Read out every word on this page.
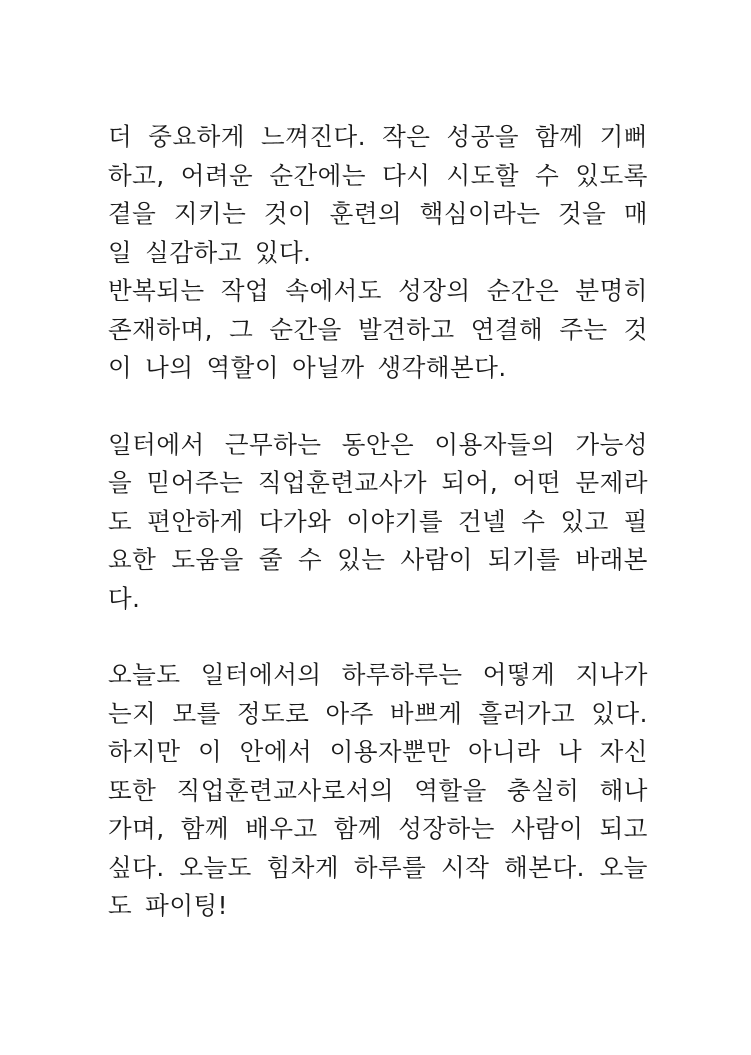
더 중요하게 느껴진다. 작은 성공을 함께 기뻐
하고, 어려운 순간에는 다시 시도할 수 있도록
곁을 지키는 것이 훈련의 핵심이라는 것을 매
일 실감하고 있다.
반복되는 작업 속에서도 성장의 순간은 분명히
존재하며, 그 순간을 발견하고 연결해 주는 것
이 나의 역할이 아닐까 생각해본다.
일터에서 근무하는 동안은 이용자들의 가능성
을 믿어주는 직업훈련교사가 되어, 어떤 문제라
도 편안하게 다가와 이야기를 건넬 수 있고 필
요한 도움을 줄 수 있는 사람이 되기를 바래본
다.
오늘도 일터에서의 하루하루는 어떻게 지나가
는지 모를 정도로 아주 바쁘게 흘러가고 있다.
하지만 이 안에서 이용자뿐만 아니라 나 자신
또한 직업훈련교사로서의 역할을 충실히 해나
가며, 함께 배우고 함께 성장하는 사람이 되고
싶다. 오늘도 힘차게 하루를 시작 해본다. 오늘
도 파이팅!
